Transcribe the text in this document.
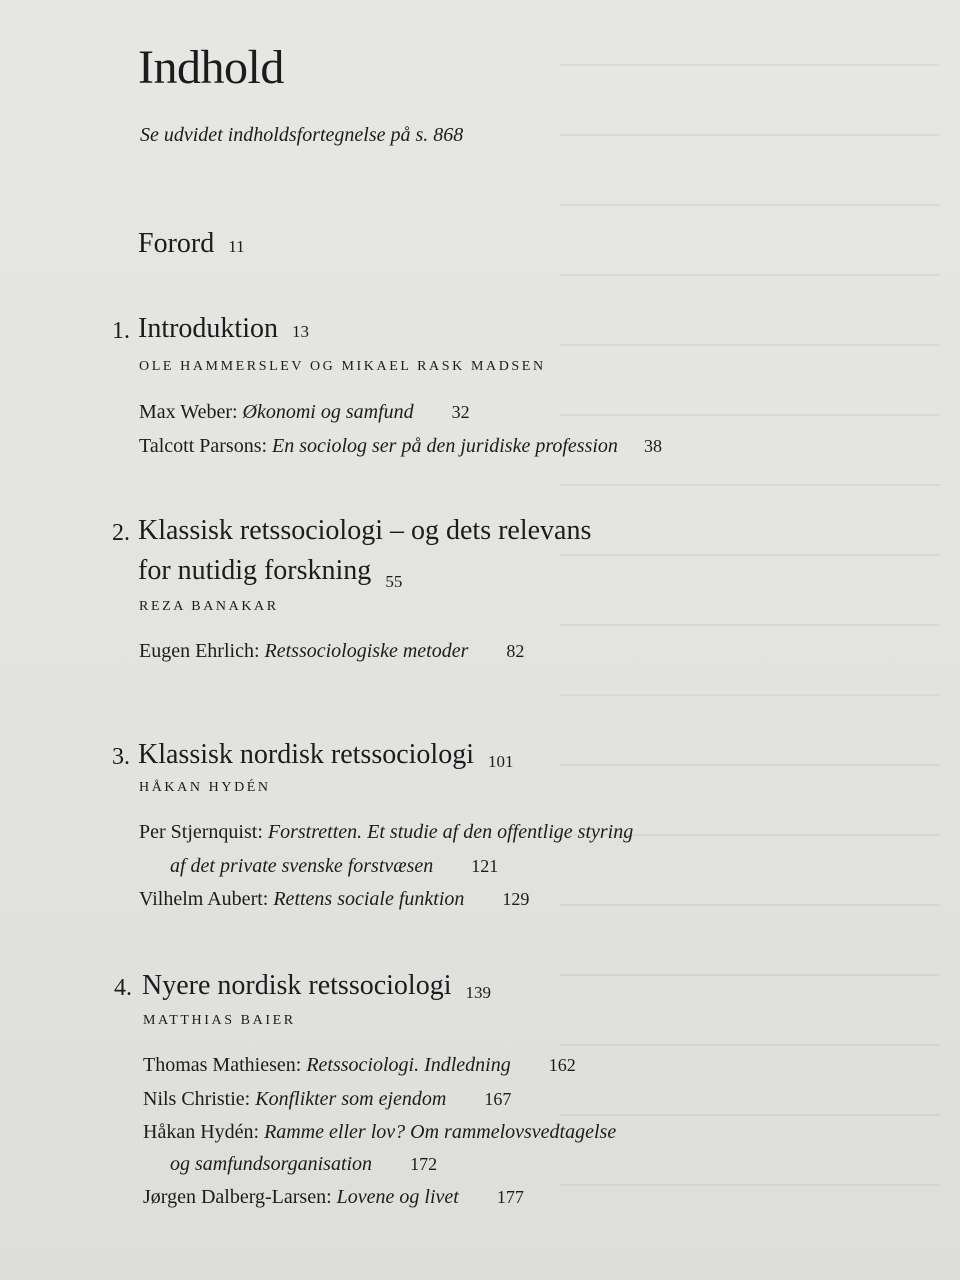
Indhold
Se udvidet indholdsfortegnelse på s. 868
Forord 11
1. Introduktion 13
OLE HAMMERSLEV OG MIKAEL RASK MADSEN
Max Weber: Økonomi og samfund 32
Talcott Parsons: En sociolog ser på den juridiske profession 38
2. Klassisk retssociologi – og dets relevans
for nutidig forskning $_{55}$
REZA BANAKAR
Eugen Ehrlich: Retssociologiske metoder 82
3. Klassisk nordisk retssociologi 101
HÅKAN HYDÉN
Per Stjernquist: Forstretten. Et studie af den offentlige styring
af det private svenske forstvæsen 121
Vilhelm Aubert: Rettens sociale funktion 129
4. Nyere nordisk retssociologi 139
MATTHIAS BAIER
Thomas Mathiesen: Retssociologi. Indledning 162
Nils Christie: Konflikter som ejendom 167
Håkan Hydén: Ramme eller lov? Om rammelovsvedtagelse
og samfundsorganisation 172
Jørgen Dalberg-Larsen: Lovene og livet 177
